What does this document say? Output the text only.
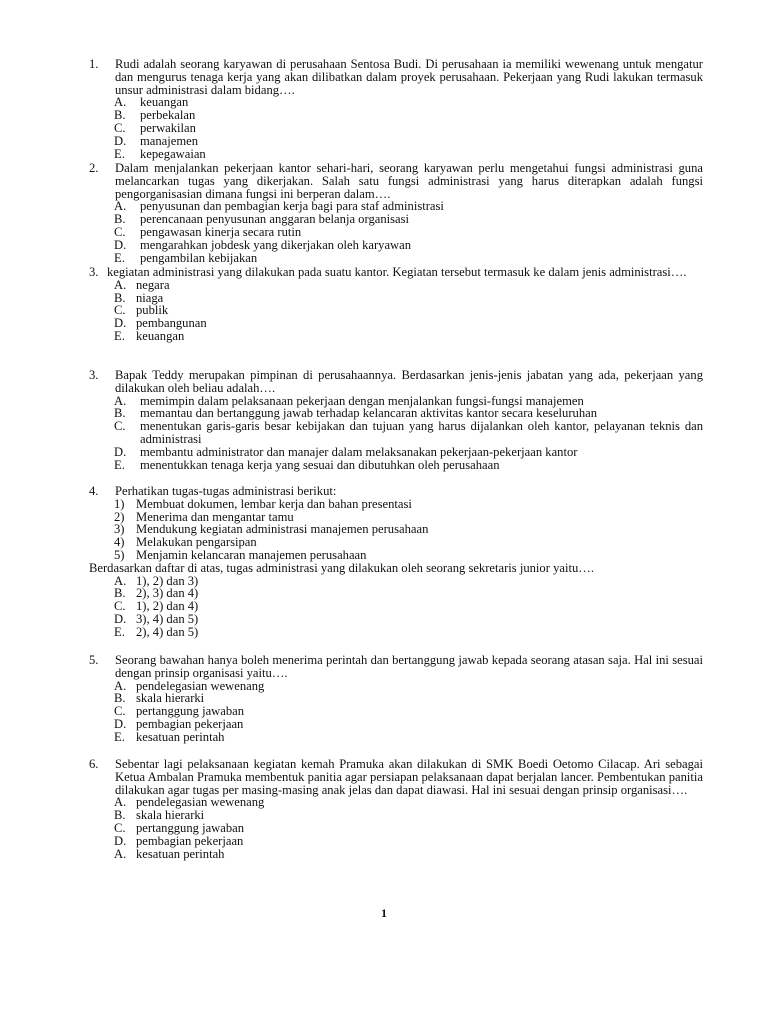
1. Rudi adalah seorang karyawan di perusahaan Sentosa Budi. Di perusahaan ia memiliki wewenang untuk mengatur dan mengurus tenaga kerja yang akan dilibatkan dalam proyek perusahaan. Pekerjaan yang Rudi lakukan termasuk unsur administrasi dalam bidang….
A. keuangan
B. perbekalan
C. perwakilan
D. manajemen
E. kepegawaian
2. Dalam menjalankan pekerjaan kantor sehari-hari, seorang karyawan perlu mengetahui fungsi administrasi guna melancarkan tugas yang dikerjakan. Salah satu fungsi administrasi yang harus diterapkan adalah fungsi pengorganisasian dimana fungsi ini berperan dalam….
A. penyusunan dan pembagian kerja bagi para staf administrasi
B. perencanaan penyusunan anggaran belanja organisasi
C. pengawasan kinerja secara rutin
D. mengarahkan jobdesk yang dikerjakan oleh karyawan
E. pengambilan kebijakan
3. kegiatan administrasi yang dilakukan pada suatu kantor. Kegiatan tersebut termasuk ke dalam jenis administrasi….
A. negara
B. niaga
C. publik
D. pembangunan
E. keuangan
3. Bapak Teddy merupakan pimpinan di perusahaannya. Berdasarkan jenis-jenis jabatan yang ada, pekerjaan yang dilakukan oleh beliau adalah….
A. memimpin dalam pelaksanaan pekerjaan dengan menjalankan fungsi-fungsi manajemen
B. memantau dan bertanggung jawab terhadap kelancaran aktivitas kantor secara keseluruhan
C. menentukan garis-garis besar kebijakan dan tujuan yang harus dijalankan oleh kantor, pelayanan teknis dan administrasi
D. membantu administrator dan manajer dalam melaksanakan pekerjaan-pekerjaan kantor
E. menentukkan tenaga kerja yang sesuai dan dibutuhkan oleh perusahaan
4. Perhatikan tugas-tugas administrasi berikut:
1) Membuat dokumen, lembar kerja dan bahan presentasi
2) Menerima dan mengantar tamu
3) Mendukung kegiatan administrasi manajemen perusahaan
4) Melakukan pengarsipan
5) Menjamin kelancaran manajemen perusahaan
Berdasarkan daftar di atas, tugas administrasi yang dilakukan oleh seorang sekretaris junior yaitu….
A. 1), 2) dan 3)
B. 2), 3) dan 4)
C. 1), 2) dan 4)
D. 3), 4) dan 5)
E. 2), 4) dan 5)
5. Seorang bawahan hanya boleh menerima perintah dan bertanggung jawab kepada seorang atasan saja. Hal ini sesuai dengan prinsip organisasi yaitu….
A. pendelegasian wewenang
B. skala hierarki
C. pertanggung jawaban
D. pembagian pekerjaan
E. kesatuan perintah
6. Sebentar lagi pelaksanaan kegiatan kemah Pramuka akan dilakukan di SMK Boedi Oetomo Cilacap. Ari sebagai Ketua Ambalan Pramuka membentuk panitia agar persiapan pelaksanaan dapat berjalan lancer. Pembentukan panitia dilakukan agar tugas per masing-masing anak jelas dan dapat diawasi. Hal ini sesuai dengan prinsip organisasi….
A. pendelegasian wewenang
B. skala hierarki
C. pertanggung jawaban
D. pembagian pekerjaan
A. kesatuan perintah
1
